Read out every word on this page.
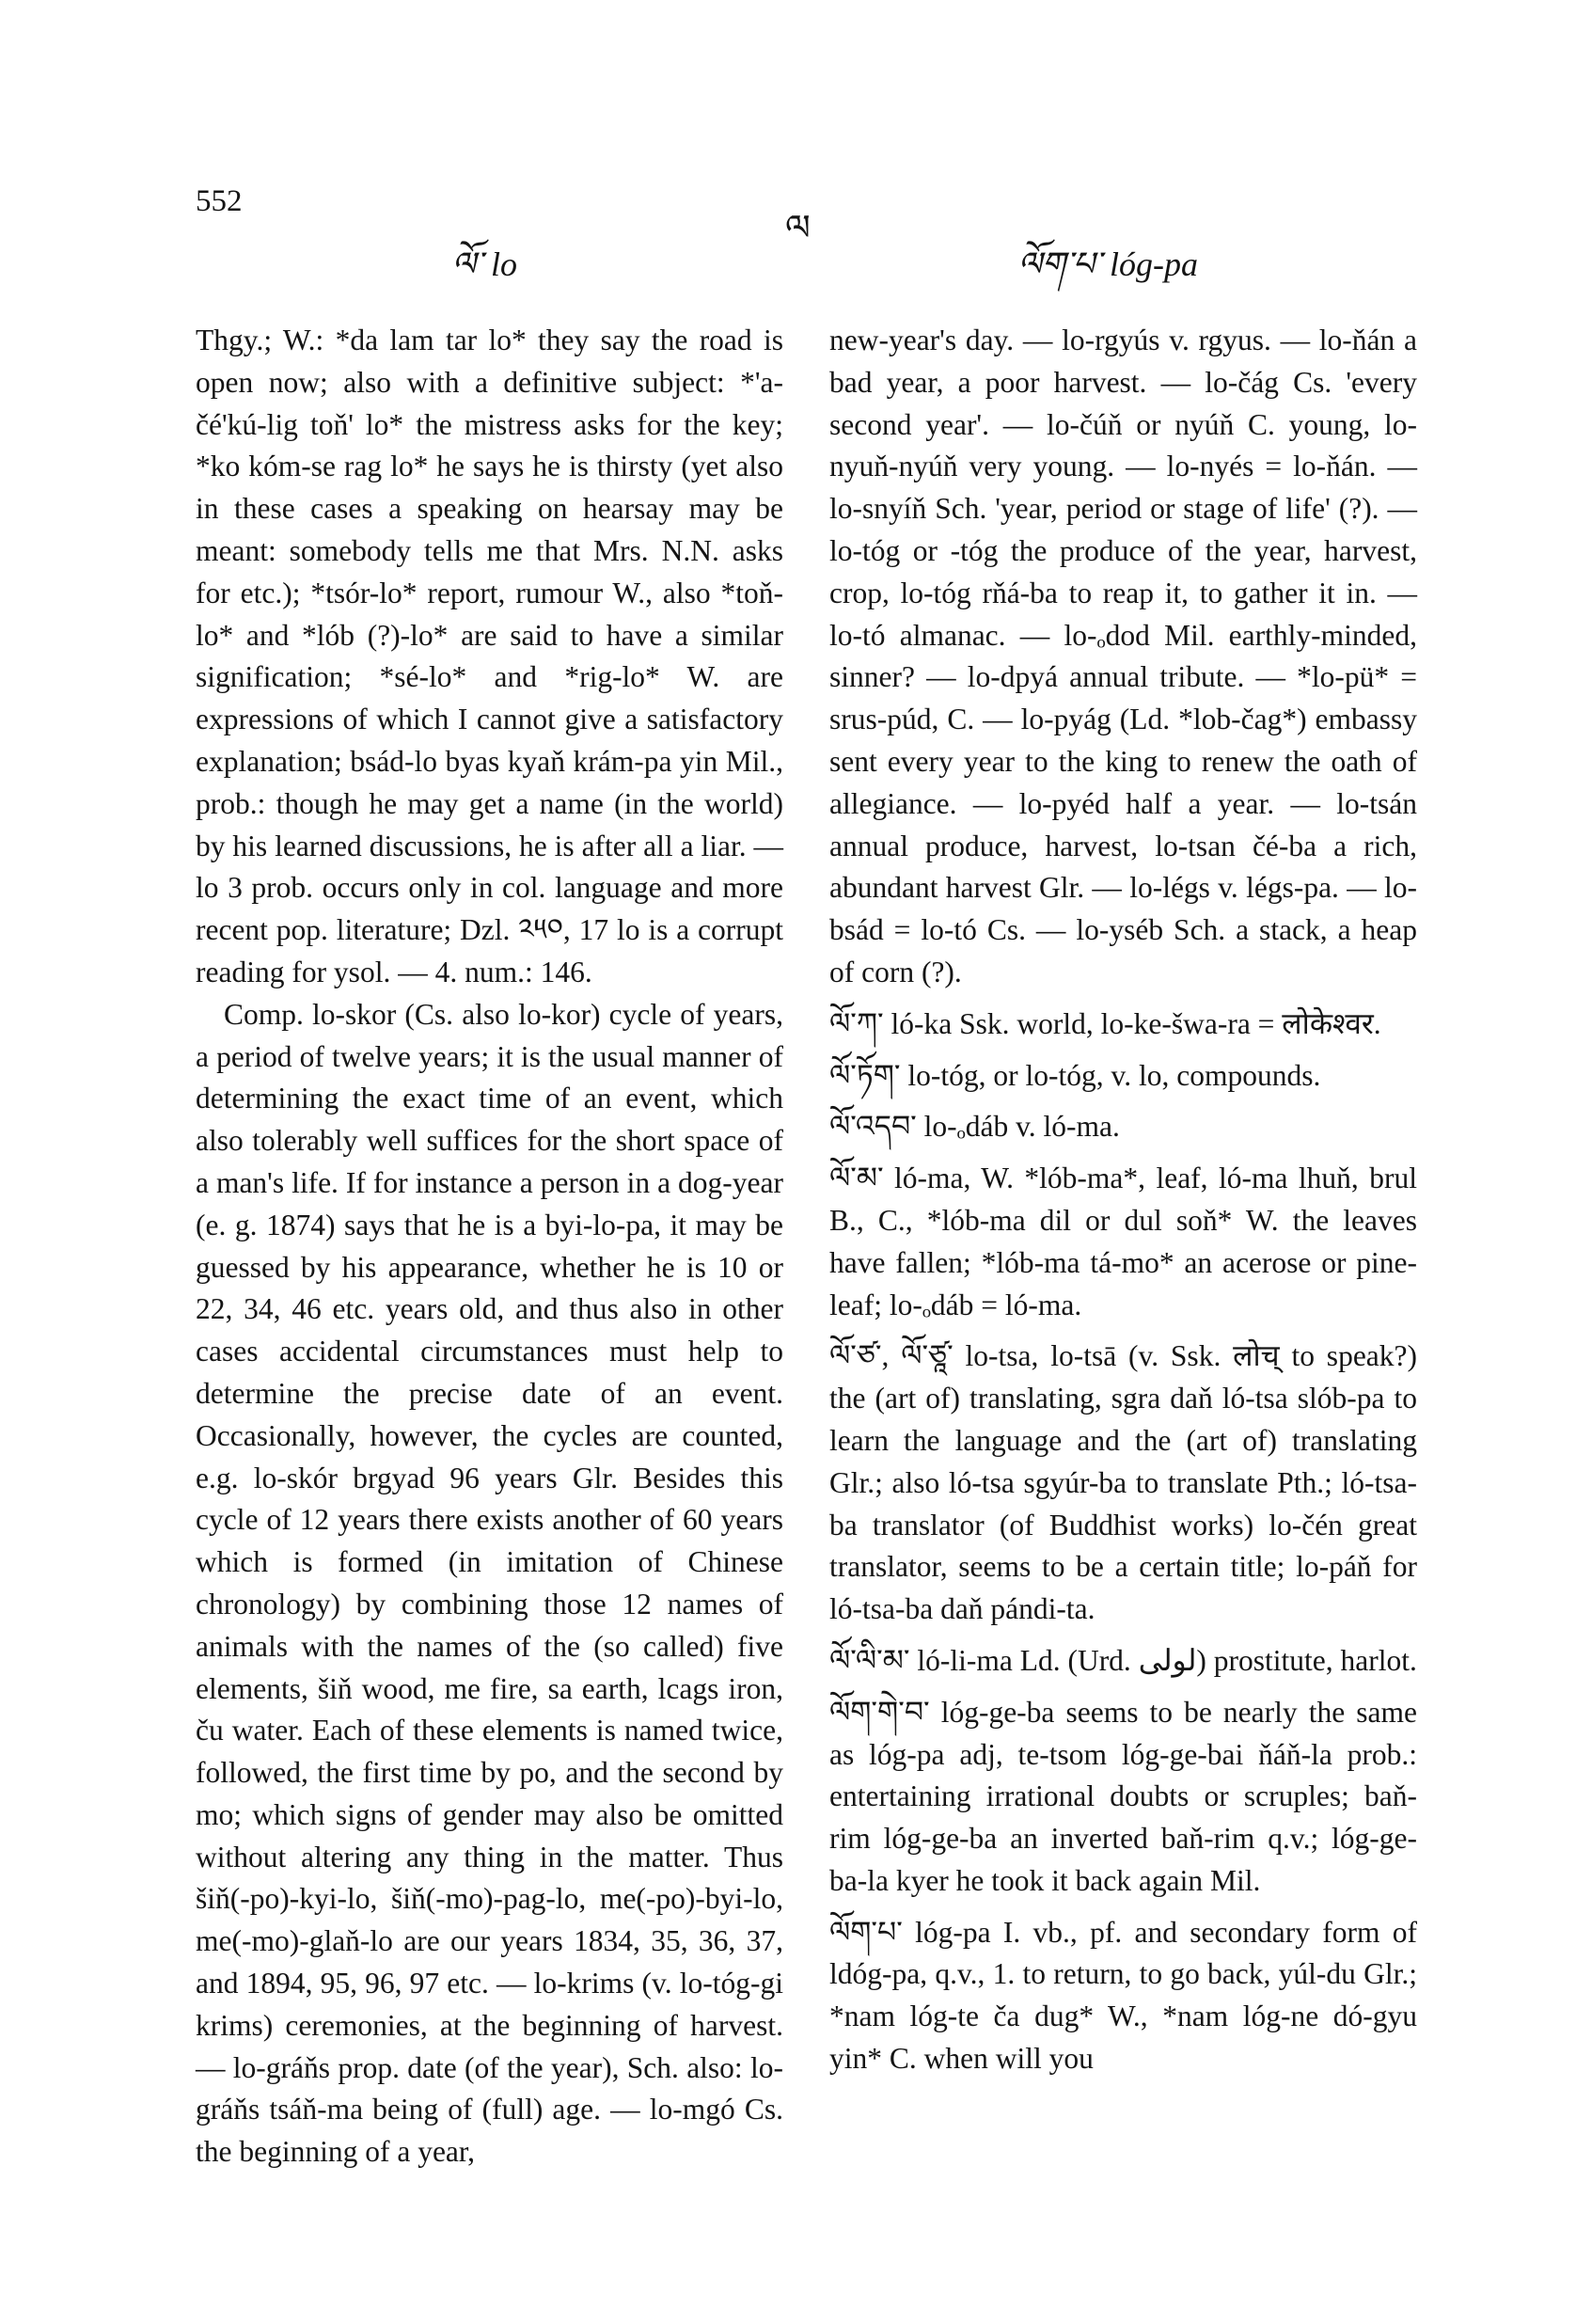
552
ལ
ལོ་ lo	ལོག་པ་ lóg-pa

Thgy.; W.: *da lam tar lo* they say the road is open now; also with a definitive subject: *'a-čé'kú-lig toň' lo* the mistress asks for the key; *ko kóm-se rag lo* he says he is thirsty (yet also in these cases a speaking on hearsay may be meant: somebody tells me that Mrs. N.N. asks for etc.); *tsór-lo* report, rumour W., also *toň-lo* and *lób (?)-lo* are said to have a similar signification; *sé-lo* and *rig-lo* W. are expressions of which I cannot give a satisfactory explanation; bsád-lo byas kyaň krám-pa yin Mil., prob.: though he may get a name (in the world) by his learned discussions, he is after all a liar. — lo 3 prob. occurs only in col. language and more recent pop. literature; Dzl. ༢༥༠, 17 lo is a corrupt reading for ysol. — 4. num.: 146.

Comp. lo-skor (Cs. also lo-kor) cycle of years, a period of twelve years; it is the usual manner of determining the exact time of an event, which also tolerably well suffices for the short space of a man's life. If for instance a person in a dog-year (e. g. 1874) says that he is a byi-lo-pa, it may be guessed by his appearance, whether he is 10 or 22, 34, 46 etc. years old, and thus also in other cases accidental circumstances must help to determine the precise date of an event. Occasionally, however, the cycles are counted, e.g. lo-skór brgyad 96 years Glr. Besides this cycle of 12 years there exists another of 60 years which is formed (in imitation of Chinese chronology) by combining those 12 names of animals with the names of the (so called) five elements, šiň wood, me fire, sa earth, lcags iron, ču water. Each of these elements is named twice, followed, the first time by po, and the second by mo; which signs of gender may also be omitted without altering any thing in the matter. Thus šiň(-po)-kyi-lo, šiň(-mo)-pag-lo, me(-po)-byi-lo, me(-mo)-glaň-lo are our years 1834, 35, 36, 37, and 1894, 95, 96, 97 etc. — lo-krims (v. lo-tóg-gi krims) ceremonies, at the beginning of harvest. — lo-gráňs prop. date (of the year), Sch. also: lo-gráňs tsáň-ma being of (full) age. — lo-mgó Cs. the beginning of a year,

new-year's day. — lo-rgyús v. rgyus. — lo-ňán a bad year, a poor harvest. — lo-čág Cs. 'every second year'. — lo-čúň or nyúň C. young, lo-nyuň-nyúň very young. — lo-nyés = lo-ňán. — lo-snyíň Sch. 'year, period or stage of life' (?). — lo-tóg or -tóg the produce of the year, harvest, crop, lo-tóg rňá-ba to reap it, to gather it in. — lo-tó almanac. — lo-ₒdod Mil. earthly-minded, sinner? — lo-dpyá annual tribute. — *lo-pü* = srus-púd, C. — lo-pyág (Ld. *lob-čag*) embassy sent every year to the king to renew the oath of allegiance. — lo-pyéd half a year. — lo-tsán annual produce, harvest, lo-tsan čé-ba a rich, abundant harvest Glr. — lo-légs v. légs-pa. — lo-bsád = lo-tó Cs. — lo-yséb Sch. a stack, a heap of corn (?).

ལོ་ཀ་ ló-ka Ssk. world, lo-ke-šwa-ra = लोकेश्वर.

ལོ་ཏོག་ lo-tóg, or lo-tóg, v. lo, compounds.

ལོ་འདབ་ lo-ₒdáb v. ló-ma.

ལོ་མ་ ló-ma, W. *lób-ma*, leaf, ló-ma lhuň, brul B., C., *lób-ma dil or dul soň* W. the leaves have fallen; *lób-ma tá-mo* an acerose or pine-leaf; lo-ₒdáb = ló-ma.

ལོ་ཙ་, ལོ་ཙཱ་ lo-tsa, lo-tsā (v. Ssk. लोच् to speak?) the (art of) translating, sgra daň ló-tsa slób-pa to learn the language and the (art of) translating Glr.; also ló-tsa sgyúr-ba to translate Pth.; ló-tsa-ba translator (of Buddhist works) lo-čén great translator, seems to be a certain title; lo-páň for ló-tsa-ba daň pándi-ta.

ལོ་ལི་མ་ ló-li-ma Ld. (Urd. لولی) prostitute, harlot.

ལོག་གེ་བ་ lóg-ge-ba seems to be nearly the same as lóg-pa adj, te-tsom lóg-ge-bai ňáň-la prob.: entertaining irrational doubts or scruples; baň-rim lóg-ge-ba an inverted baň-rim q.v.; lóg-ge-ba-la kyer he took it back again Mil.

ལོག་པ་ lóg-pa I. vb., pf. and secondary form of ldóg-pa, q.v., 1. to return, to go back, yúl-du Glr.; *nam lóg-te ča dug* W., *nam lóg-ne dó-gyu yin* C. when will you
